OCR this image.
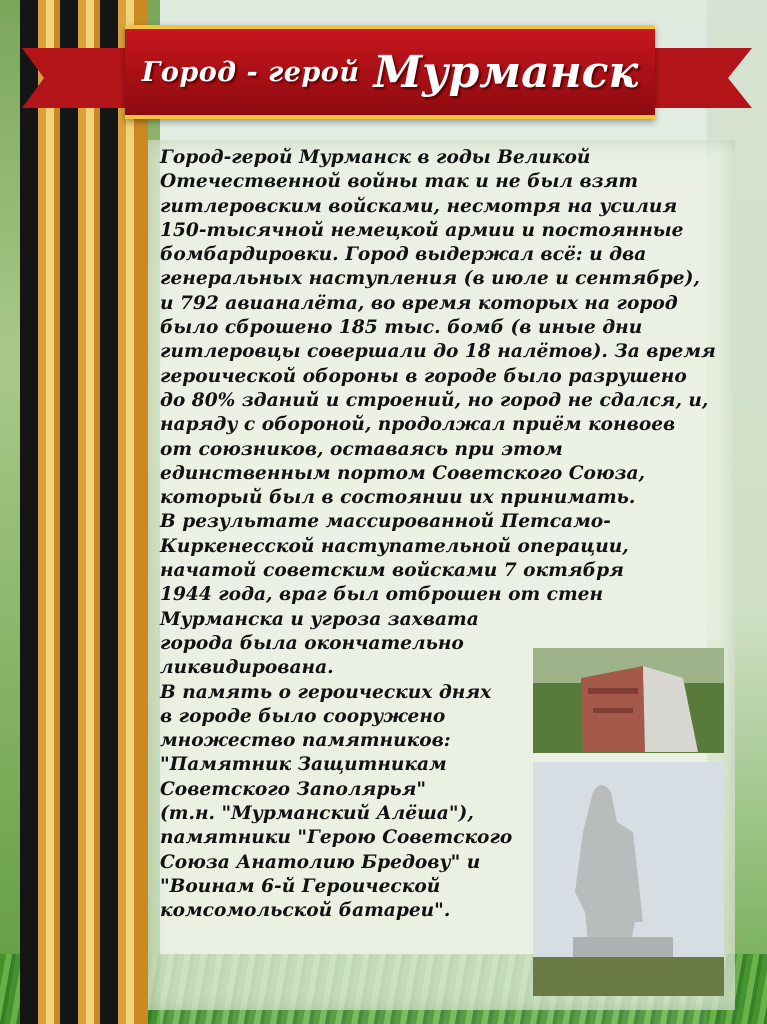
Город - герой Мурманск

Город-герой Мурманск в годы Великой

Отечественной войны так и не был взят

гитлеровским войсками, несмотря на усилия

150-тысячной немецкой армии и постоянные

бомбардировки. Город выдержал всё: и два

генеральных наступления (в июле и сентябре),

и 792 авианалёта, во время которых на город

было сброшено 185 тыс. бомб (в иные дни

гитлеровцы совершали до 18 налётов). За время

героической обороны в городе было разрушено

до 80% зданий и строений, но город не сдался, и,

наряду с обороной, продолжал приём конвоев

от союзников, оставаясь при этом

единственным портом Советского Союза,

который был в состоянии их принимать.

В результате массированной Петсамо-

Киркенесской наступательной операции,

начатой советским войсками 7 октября

1944 года, враг был отброшен от стен

Мурманска и угроза захвата

города была окончательно

ликвидирована.

В память о героических днях

в городе было сооружено

множество памятников:

"Памятник Защитникам

Советского Заполярья"

(т.н. "Мурманский Алёша"),

памятники "Герою Советского

Союза Анатолию Бредову" и

"Воинам 6-й Героической

комсомольской батареи".
